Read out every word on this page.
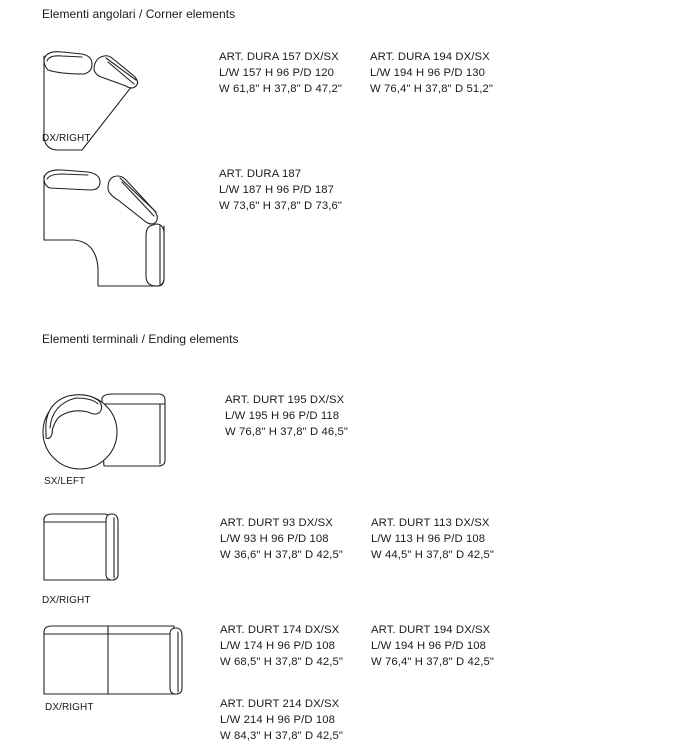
Elementi angolari / Corner elements
Elementi terminali / Ending elements
DX/RIGHT
ART. DURA 157 DX/SX
L/W 157 H 96 P/D 120
W 61,8" H 37,8" D 47,2"
ART. DURA 194 DX/SX
L/W 194 H 96 P/D 130
W 76,4" H 37,8" D 51,2"
ART. DURA 187
L/W 187 H 96 P/D 187
W 73,6" H 37,8" D 73,6"
SX/LEFT
ART. DURT 195 DX/SX
L/W 195 H 96 P/D 118
W 76,8" H 37,8" D 46,5"
DX/RIGHT
ART. DURT 93 DX/SX
L/W 93 H 96 P/D 108
W 36,6" H 37,8" D 42,5"
ART. DURT 113 DX/SX
L/W 113 H 96 P/D 108
W 44,5" H 37,8" D 42,5"
DX/RIGHT
ART. DURT 174 DX/SX
L/W 174 H 96 P/D 108
W 68,5" H 37,8" D 42,5"
ART. DURT 194 DX/SX
L/W 194 H 96 P/D 108
W 76,4" H 37,8" D 42,5"
ART. DURT 214 DX/SX
L/W 214 H 96 P/D 108
W 84,3" H 37,8" D 42,5"
